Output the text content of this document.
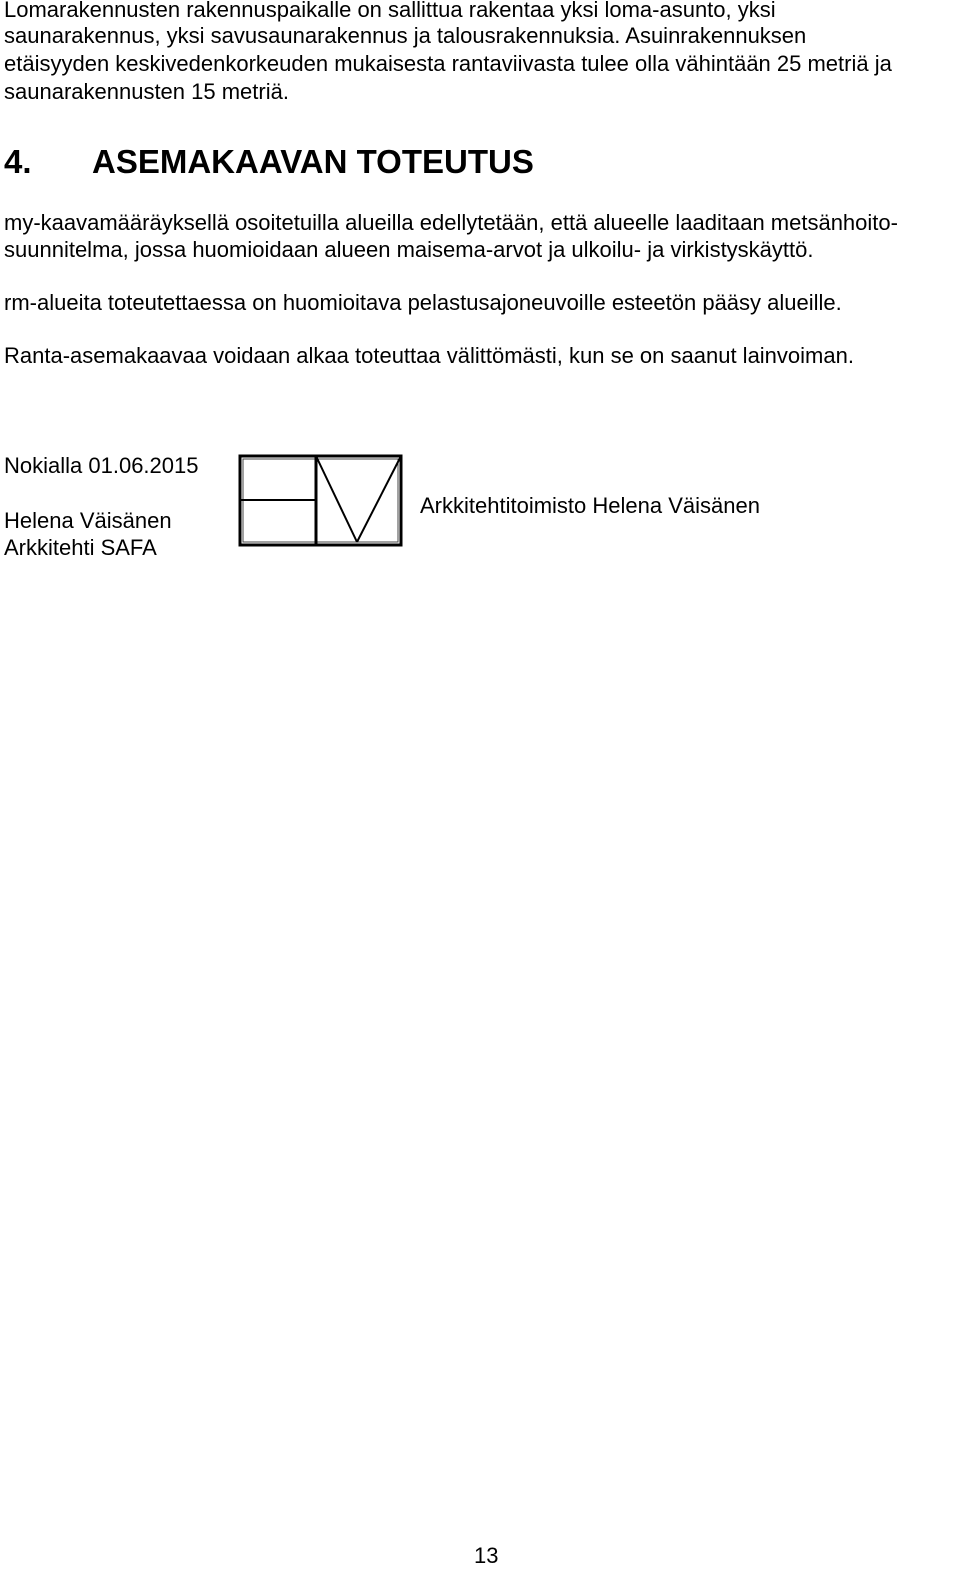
Lomarakennusten rakennuspaikalle on sallittua rakentaa yksi loma-asunto, yksi
saunarakennus, yksi savusaunarakennus ja talousrakennuksia. Asuinrakennuksen
etäisyyden keskivedenkorkeuden mukaisesta rantaviivasta tulee olla vähintään 25 metriä ja
saunarakennusten 15 metriä.
4. ASEMAKAAVAN TOTEUTUS
my-kaavamääräyksellä osoitetuilla alueilla edellytetään, että alueelle laaditaan metsänhoito-
suunnitelma, jossa huomioidaan alueen maisema-arvot ja ulkoilu- ja virkistyskäyttö.
rm-alueita toteutettaessa on huomioitava pelastusajoneuvoille esteetön pääsy alueille.
Ranta-asemakaavaa voidaan alkaa toteuttaa välittömästi, kun se on saanut lainvoiman.
Nokialla 01.06.2015
Helena Väisänen
Arkkitehti SAFA
Arkkitehtitoimisto Helena Väisänen
13
